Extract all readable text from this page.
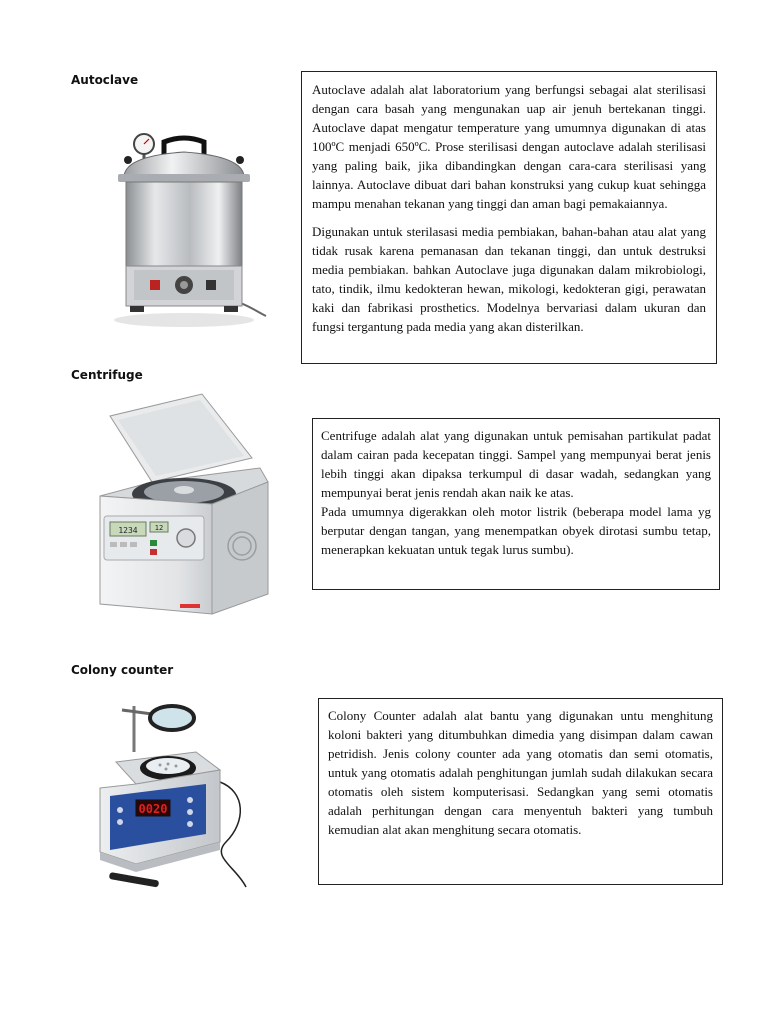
Autoclave

Autoclave adalah alat laboratorium yang berfungsi sebagai alat sterilisasi dengan cara basah yang mengunakan uap air jenuh bertekanan tinggi. Autoclave dapat mengatur temperature yang umumnya digunakan di atas 100ºC menjadi 650ºC. Prose sterilisasi dengan autoclave adalah sterilisasi yang paling baik, jika dibandingkan dengan cara-cara sterilisasi yang lainnya. Autoclave dibuat dari bahan konstruksi yang cukup kuat sehingga mampu menahan tekanan yang tinggi dan aman bagi pemakaiannya.

Digunakan untuk sterilasasi media pembiakan, bahan-bahan atau alat yang tidak rusak karena pemanasan dan tekanan tinggi, dan untuk destruksi media pembiakan. bahkan Autoclave juga digunakan dalam mikrobiologi, tato, tindik, ilmu kedokteran hewan, mikologi, kedokteran gigi, perawatan kaki dan fabrikasi prosthetics. Modelnya bervariasi dalam ukuran dan fungsi tergantung pada media yang akan disterilkan.

Centrifuge
1234 12

Centrifuge adalah alat yang digunakan untuk pemisahan partikulat padat dalam cairan pada kecepatan tinggi. Sampel yang mempunyai berat jenis lebih tinggi akan dipaksa terkumpul di dasar wadah, sedangkan yang mempunyai berat jenis rendah akan naik ke atas.

Pada umumnya digerakkan oleh motor listrik (beberapa model lama yg berputar dengan tangan, yang menempatkan obyek dirotasi sumbu tetap, menerapkan kekuatan untuk tegak lurus sumbu).

Colony counter
0020

Colony Counter adalah alat bantu yang digunakan untu menghitung koloni bakteri yang ditumbuhkan dimedia yang disimpan dalam cawan petridish. Jenis colony counter ada yang otomatis dan semi otomatis, untuk yang otomatis adalah penghitungan jumlah sudah dilakukan secara otomatis oleh sistem komputerisasi. Sedangkan yang semi otomatis adalah perhitungan dengan cara menyentuh bakteri yang tumbuh kemudian alat akan menghitung secara otomatis.
